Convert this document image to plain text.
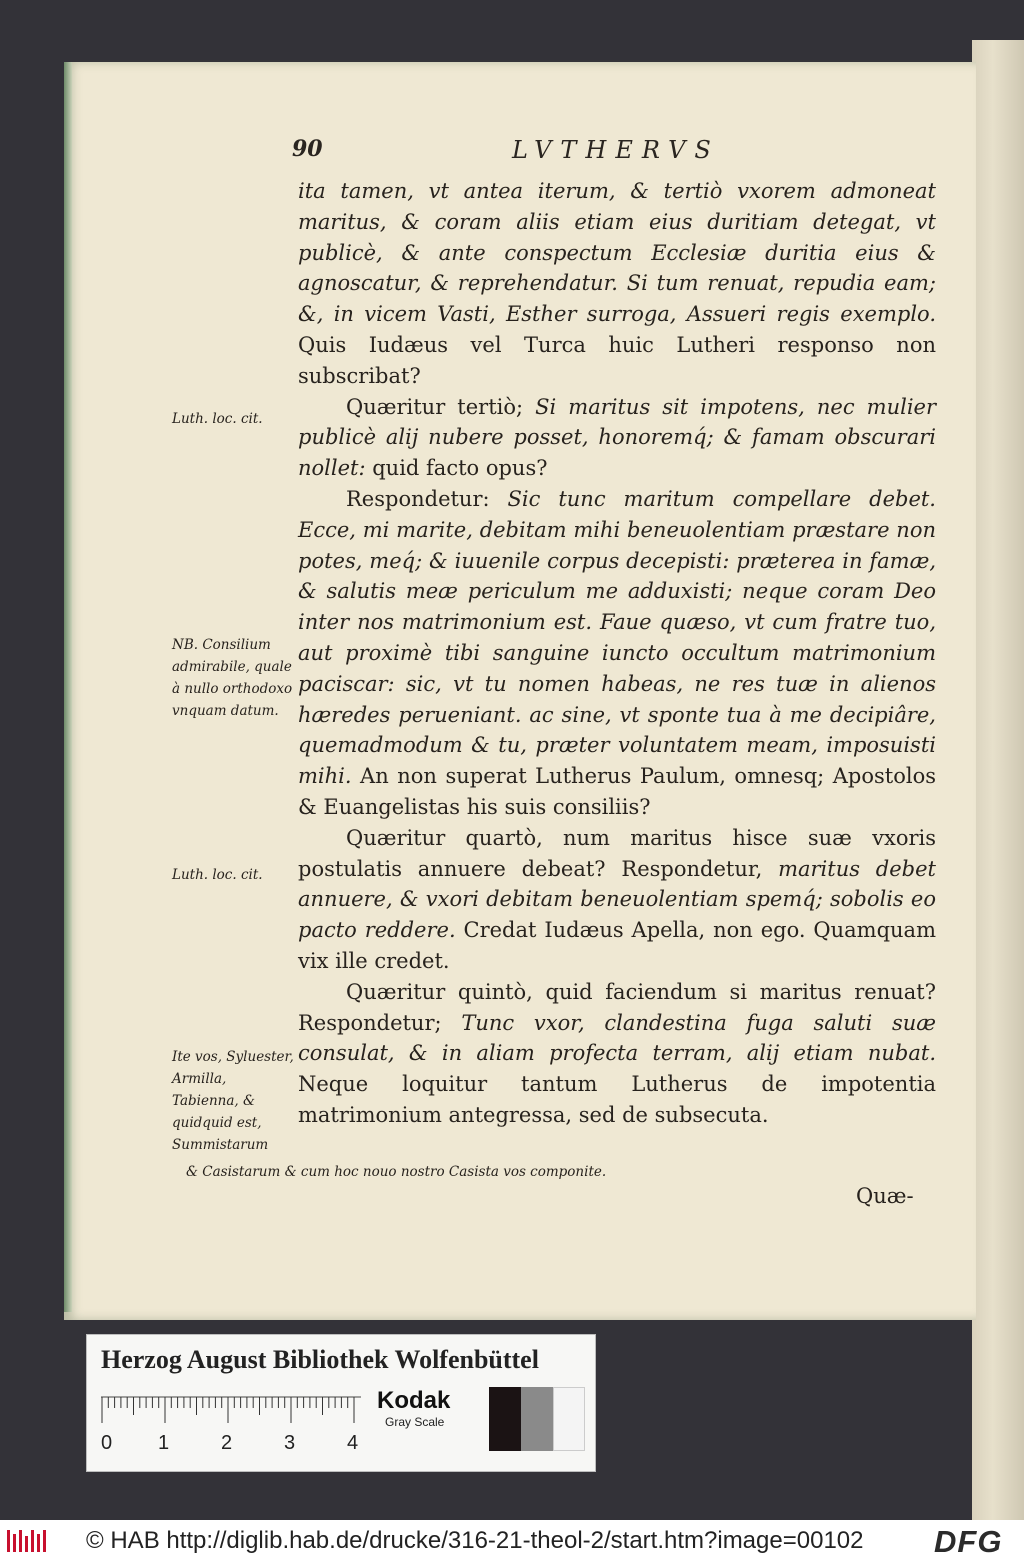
90	LVTHERVS

ita tamen, vt antea iterum, & tertiò vxorem admoneat maritus, & coram aliis etiam eius duritiam detegat, vt publicè, & ante conspectum Ecclesiæ duritia eius & agnoscatur, & reprehendatur. Si tum renuat, repudia eam; &, in vicem Vasti, Esther surroga, Assueri regis exemplo. Quis Iudæus vel Turca huic Lutheri responso non subscribat?

Quæritur tertiò; Si maritus sit impotens, nec mulier publicè alij nubere posset, honoremq́; & famam obscurari nollet: quid facto opus?

Respondetur: Sic tunc maritum compellare debet. Ecce, mi marite, debitam mihi beneuolentiam præstare non potes, meq́; & iuuenile corpus decepisti: præterea in famæ, & salutis meæ periculum me adduxisti; neque coram Deo inter nos matrimonium est. Faue quæso, vt cum fratre tuo, aut proximè tibi sanguine iuncto occultum matrimonium paciscar: sic, vt tu nomen habeas, ne res tuæ in alienos hæredes perueniant. ac sine, vt sponte tua à me decipiâre, quemadmodum & tu, præter voluntatem meam, imposuisti mihi. An non superat Lutherus Paulum, omnesq; Apostolos & Euangelistas his suis consiliis?

Quæritur quartò, num maritus hisce suæ vxoris postulatis annuere debeat? Respondetur, maritus debet annuere, & vxori debitam beneuolentiam spemq́; sobolis eo pacto reddere. Credat Iudæus Apella, non ego. Quamquam vix ille credet.

Quæritur quintò, quid faciendum si maritus renuat? Respondetur; Tunc vxor, clandestina fuga saluti suæ consulat, & in aliam profecta terram, alij etiam nubat. Neque loquitur tantum Lutherus de impotentia matrimonium antegressa, sed de subsecuta.

Luth. loc. cit.
NB. Consilium admirabile, quale à nullo orthodoxo vnquam datum.
Luth. loc. cit.
Ite vos, Syluester, Armilla, Tabienna, & quidquid est, Summistarum
& Casistarum & cum hoc nouo nostro Casista vos componite.
Quæ-
Herzog August Bibliothek Wolfenbüttel
0 1	2	3	4
Kodak
Gray Scale
© HAB http://diglib.hab.de/drucke/316-21-theol-2/start.htm?image=00102 DFG
